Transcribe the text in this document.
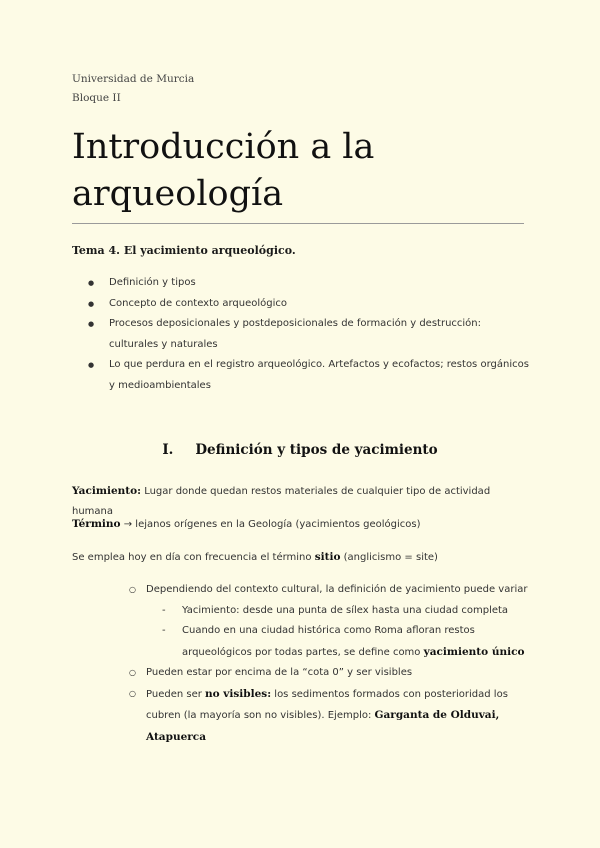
Universidad de Murcia
Bloque II
Introducción a la arqueología
Tema 4. El yacimiento arqueológico.
● Definición y tipos
● Concepto de contexto arqueológico
● Procesos deposicionales y postdeposicionales de formación y destrucción: culturales y naturales
● Lo que perdura en el registro arqueológico. Artefactos y ecofactos; restos orgánicos y medioambientales
I. Definición y tipos de yacimiento
Yacimiento: Lugar donde quedan restos materiales de cualquier tipo de actividad humana
Término → lejanos orígenes en la Geología (yacimientos geológicos)
Se emplea hoy en día con frecuencia el término sitio (anglicismo = site)
○ Dependiendo del contexto cultural, la definición de yacimiento puede variar
- Yacimiento: desde una punta de sílex hasta una ciudad completa
- Cuando en una ciudad histórica como Roma afloran restos arqueológicos por todas partes, se define como yacimiento único
○ Pueden estar por encima de la “cota 0” y ser visibles
○ Pueden ser no visibles: los sedimentos formados con posterioridad los cubren (la mayoría son no visibles). Ejemplo: Garganta de Olduvai, Atapuerca
